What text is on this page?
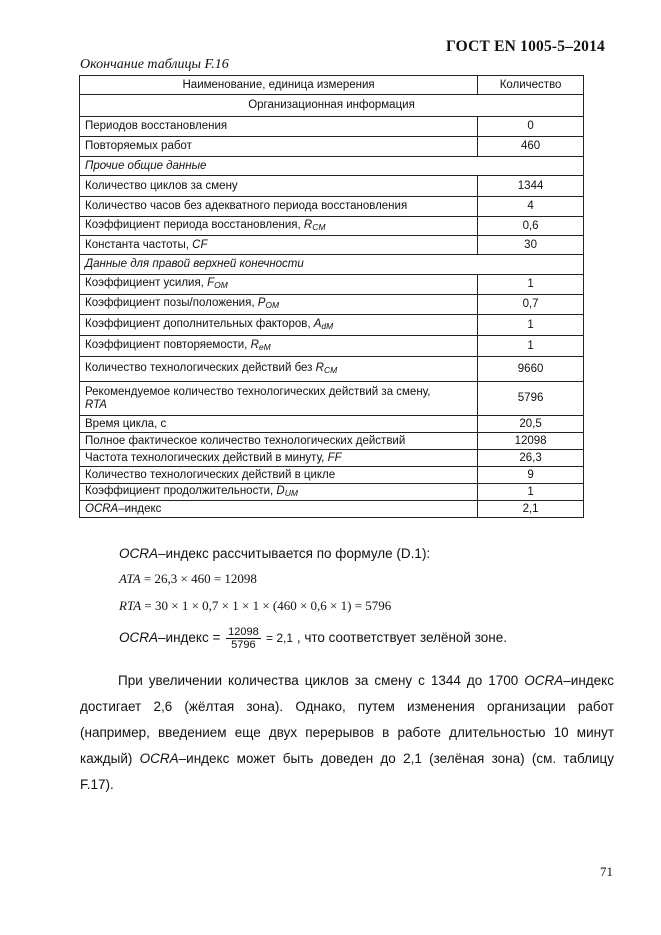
ГОСТ EN 1005-5–2014
Окончание таблицы F.16
Наименование, единица измерения	Количество
Организационная информация	
Периодов восстановления	0
Повторяемых работ	460
Прочие общие данные	
Количество циклов за смену	1344
Количество часов без адекватного периода восстановления	4
Коэффициент периода восстановления, $R_{CM}$	0,6
Константа частоты, CF	30
Данные для правой верхней конечности	
Коэффициент усилия, $F_{OM}$	1
Коэффициент позы/положения, $P_{OM}$	0,7
Коэффициент дополнительных факторов, $A_{dM}$	1
Коэффициент повторяемости, $R_{eM}$	1
Количество технологических действий без $R_{CM}$	9660
Рекомендуемое количество технологических действий за смену,
RTA	5796
Время цикла, с	20,5
Полное фактическое количество технологических действий	12098
Частота технологических действий в минуту, FF	26,3
Количество технологических действий в цикле	9
Коэффициент продолжительности, $D_{UM}$	1
OCRA–индекс	2,1
OCRA–индекс рассчитывается по формуле (D.1):
ATA = 26,3 × 460 = 12098
RTA = 30 × 1 × 0,7 × 1 × 1 × (460 × 0,6 × 1) = 5796
OCRA–индекс = $\frac{12098}{5796} = 2,1$ , что соответствует зелёной зоне.
При увеличении количества циклов за смену с 1344 до 1700 OCRA–индекс достигает 2,6 (жёлтая зона). Однако, путем изменения организации работ (например, введением еще двух перерывов в работе длительностью 10 минут каждый) OCRA–индекс может быть доведен до 2,1 (зелёная зона) (см. таблицу F.17).
71
